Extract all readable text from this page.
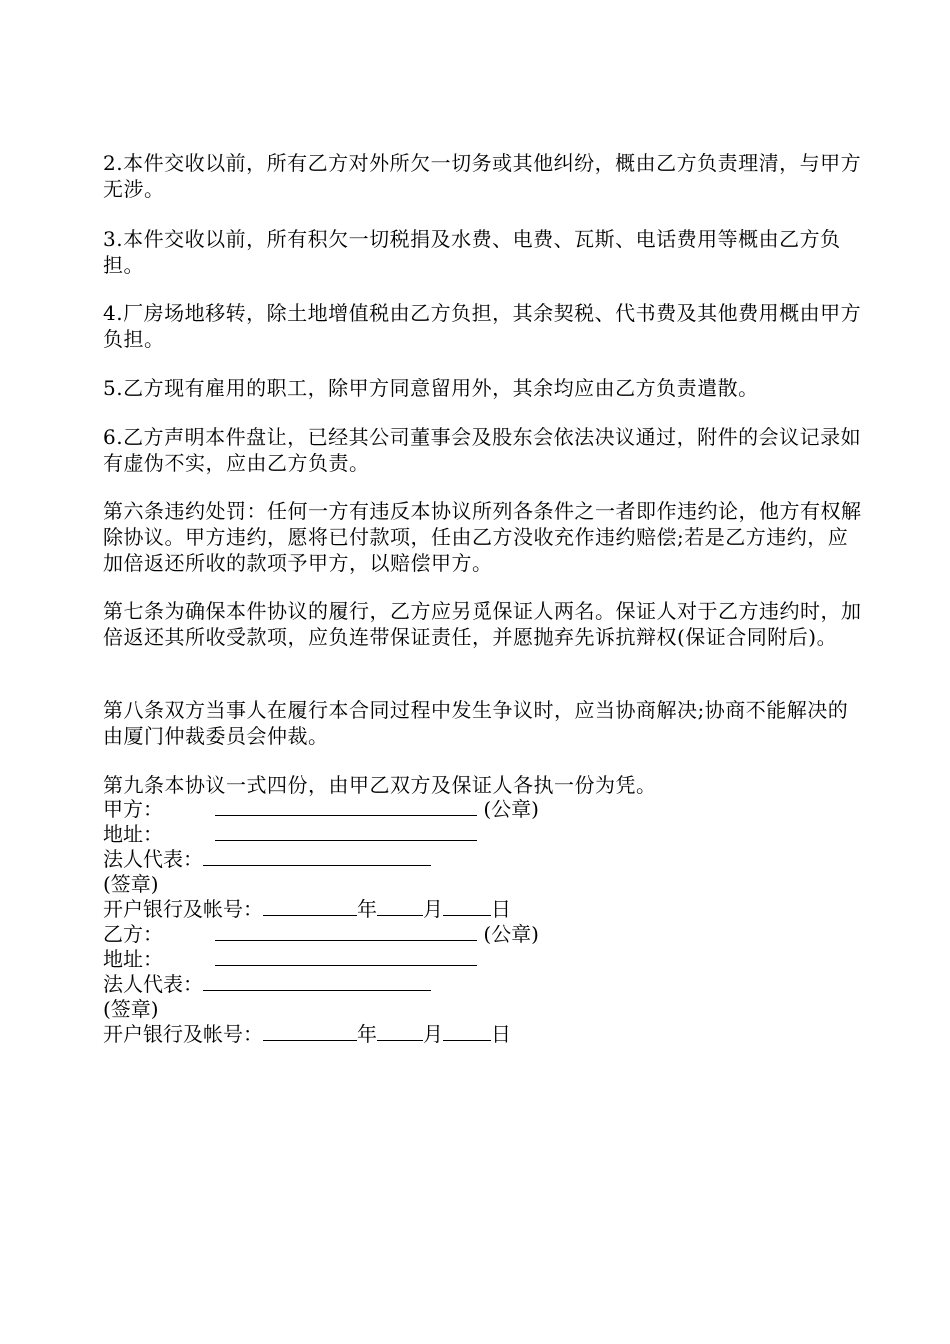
2.本件交收以前，所有乙方对外所欠一切务或其他纠纷，概由乙方负责理清，与甲方无涉。

3.本件交收以前，所有积欠一切税捐及水费、电费、瓦斯、电话费用等概由乙方负担。

4.厂房场地移转，除土地增值税由乙方负担，其余契税、代书费及其他费用概由甲方负担。

5.乙方现有雇用的职工，除甲方同意留用外，其余均应由乙方负责遣散。

6.乙方声明本件盘让，已经其公司董事会及股东会依法决议通过，附件的会议记录如有虚伪不实，应由乙方负责。

第六条违约处罚：任何一方有违反本协议所列各条件之一者即作违约论，他方有权解除协议。甲方违约，愿将已付款项，任由乙方没收充作违约赔偿;若是乙方违约，应加倍返还所收的款项予甲方，以赔偿甲方。

第七条为确保本件协议的履行，乙方应另觅保证人两名。保证人对于乙方违约时，加倍返还其所收受款项，应负连带保证责任，并愿抛弃先诉抗辩权(保证合同附后)。

第八条双方当事人在履行本合同过程中发生争议时，应当协商解决;协商不能解决的由厦门仲裁委员会仲裁。

第九条本协议一式四份，由甲乙双方及保证人各执一份为凭。

甲方：	(公章)
地址：
法人代表：
(签章)
开户银行及帐号：	年 月 日
乙方：	(公章)
地址：
法人代表：
(签章)
开户银行及帐号：	年 月 日
